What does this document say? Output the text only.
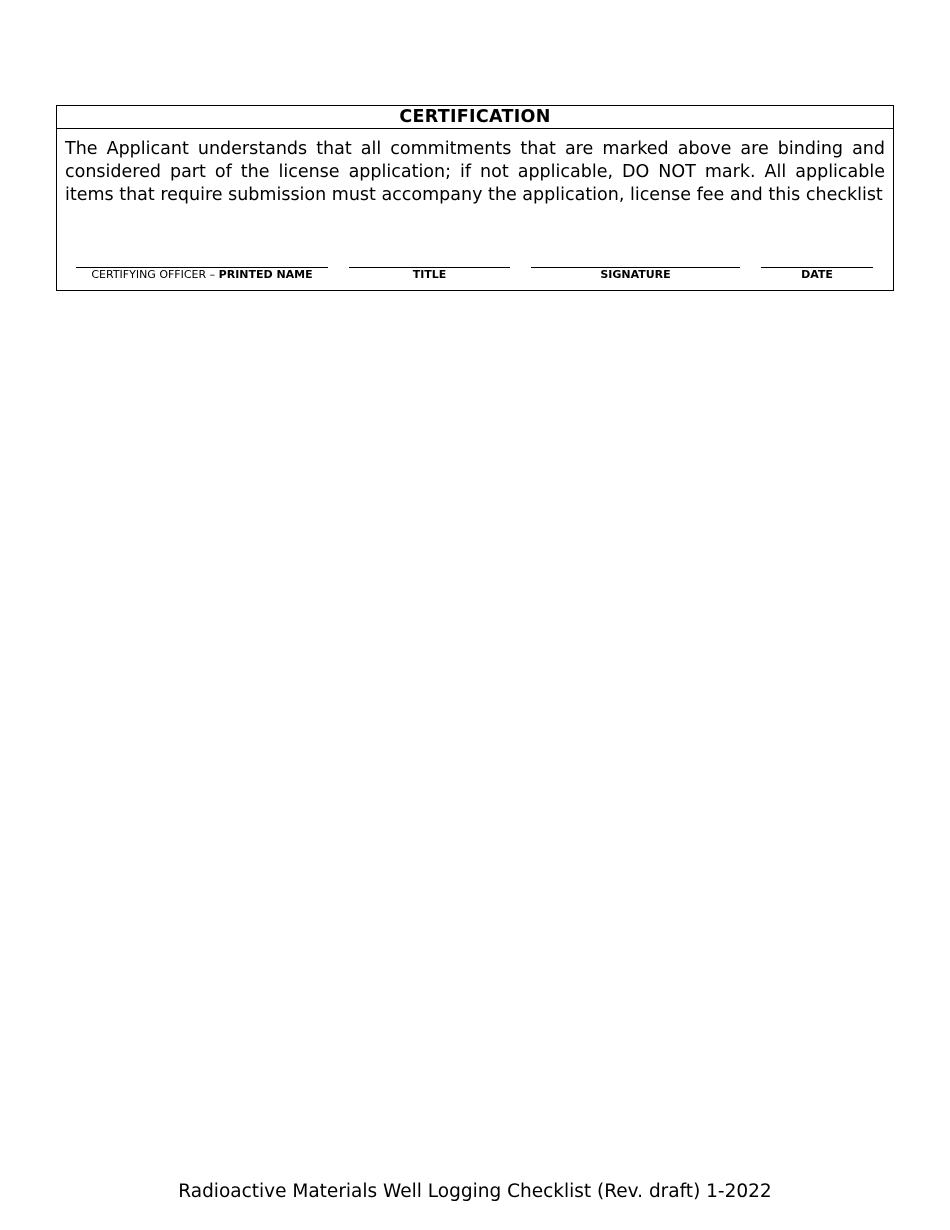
CERTIFICATION
The Applicant understands that all commitments that are marked above are binding and considered part of the license application; if not applicable, DO NOT mark. All applicable items that require submission must accompany the application, license fee and this checklist
CERTIFYING OFFICER – PRINTED NAME	TITLE	SIGNATURE	DATE
Radioactive Materials Well Logging Checklist (Rev. draft) 1-2022
